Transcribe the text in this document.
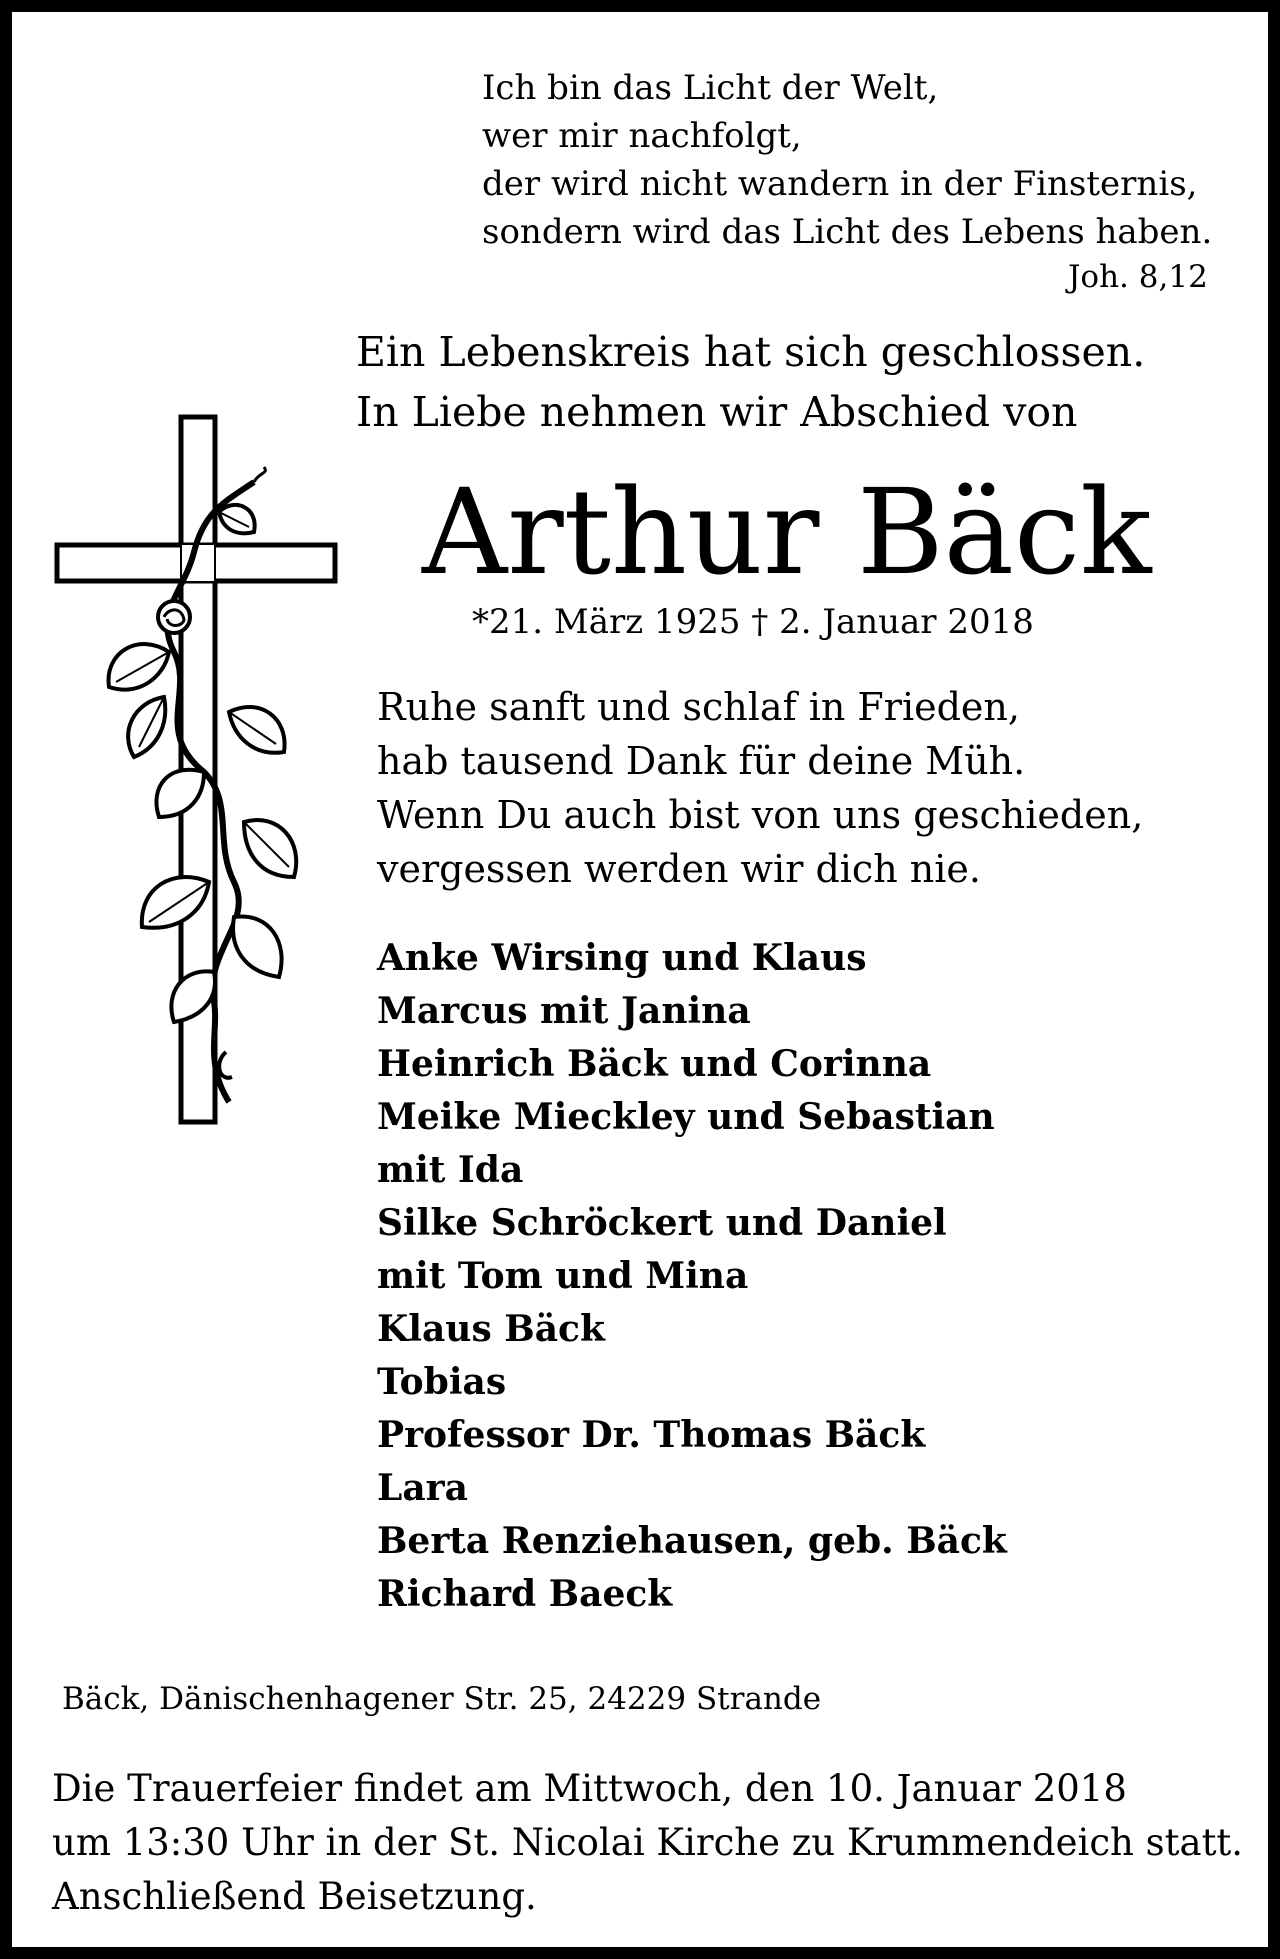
Ich bin das Licht der Welt,
wer mir nachfolgt,
der wird nicht wandern in der Finsternis,
sondern wird das Licht des Lebens haben.
Joh. 8,12
Ein Lebenskreis hat sich geschlossen.
In Liebe nehmen wir Abschied von
Arthur Bäck
*21. März 1925 † 2. Januar 2018
Ruhe sanft und schlaf in Frieden,
hab tausend Dank für deine Müh.
Wenn Du auch bist von uns geschieden,
vergessen werden wir dich nie.
Anke Wirsing und Klaus
Marcus mit Janina
Heinrich Bäck und Corinna
Meike Mieckley und Sebastian
mit Ida
Silke Schröckert und Daniel
mit Tom und Mina
Klaus Bäck
Tobias
Professor Dr. Thomas Bäck
Lara
Berta Renziehausen, geb. Bäck
Richard Baeck
Bäck, Dänischenhagener Str. 25, 24229 Strande
Die Trauerfeier findet am Mittwoch, den 10. Januar 2018
um 13:30 Uhr in der St. Nicolai Kirche zu Krummendeich statt.
Anschließend Beisetzung.
